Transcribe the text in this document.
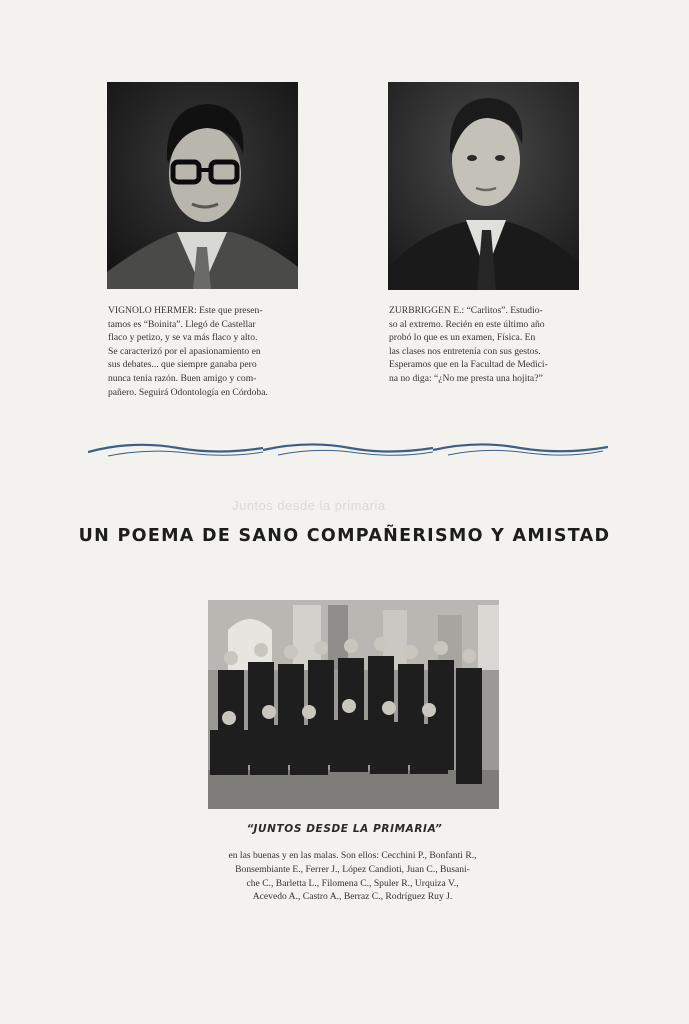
VIGNOLO HERMER: Este que presen-
tamos es “Boinita”. Llegó de Castellar
flaco y petizo, y se va más flaco y alto.
Se caracterizó por el apasionamiento en
sus debates... que siempre ganaba pero
nunca tenía razón. Buen amigo y com-
pañero. Seguirá Odontología en Córdoba.
ZURBRIGGEN E.: “Carlitos”. Estudio-
so al extremo. Recién en este último año
probó lo que es un examen, Física. En
las clases nos entretenía con sus gestos.
Esperamos que en la Facultad de Medici-
na no diga: “¿No me presta una hojita?”
Juntos desde la primaria
UN POEMA DE SANO COMPAÑERISMO Y AMISTAD
“JUNTOS DESDE LA PRIMARIA”
en las buenas y en las malas. Son ellos: Cecchini P., Bonfanti R.,
Bonsembiante E., Ferrer J., López Candioti, Juan C., Busani-
che C., Barletta L., Filomena C., Spuler R., Urquiza V.,
Acevedo A., Castro A., Berraz C., Rodríguez Ruy J.
